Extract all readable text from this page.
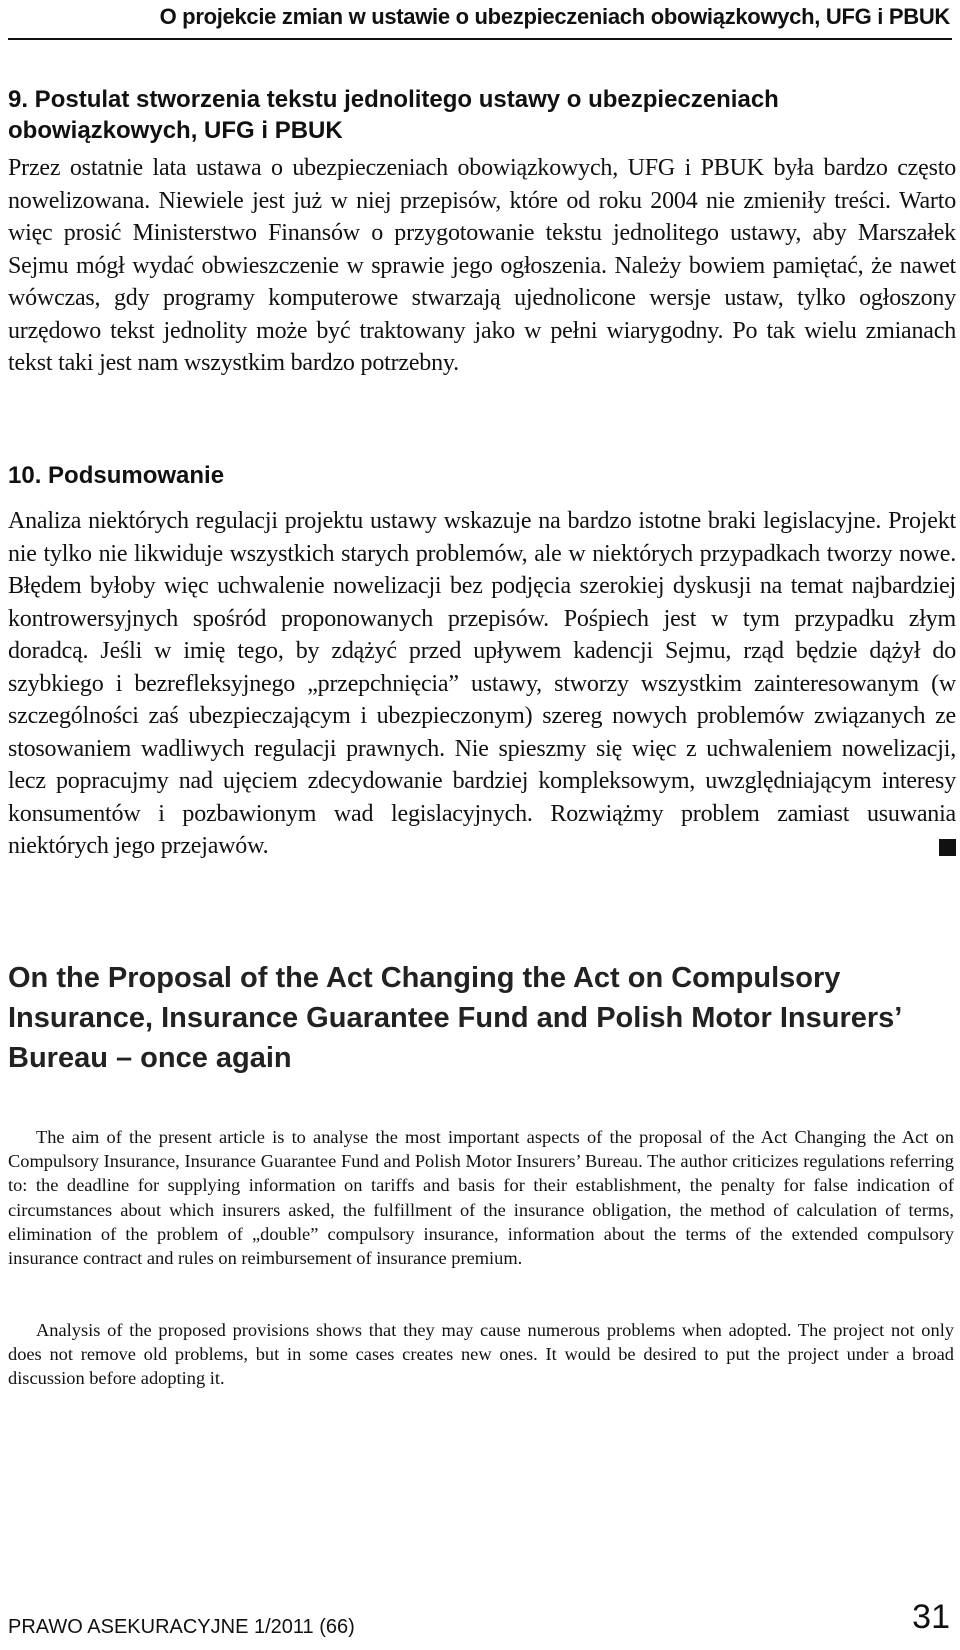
O projekcie zmian w ustawie o ubezpieczeniach obowiązkowych, UFG i PBUK
9. Postulat stworzenia tekstu jednolitego ustawy o ubezpieczeniach obowiązkowych, UFG i PBUK

Przez ostatnie lata ustawa o ubezpieczeniach obowiązkowych, UFG i PBUK była bardzo często nowelizowana. Niewiele jest już w niej przepisów, które od roku 2004 nie zmieniły treści. Warto więc prosić Ministerstwo Finansów o przygotowanie tekstu jednolitego ustawy, aby Marszałek Sejmu mógł wydać obwieszczenie w sprawie jego ogłoszenia. Należy bowiem pamiętać, że nawet wówczas, gdy programy komputerowe stwarzają ujednolicone wersje ustaw, tylko ogłoszony urzędowo tekst jednolity może być traktowany jako w pełni wiarygodny. Po tak wielu zmianach tekst taki jest nam wszystkim bardzo potrzebny.

10. Podsumowanie
Analiza niektórych regulacji projektu ustawy wskazuje na bardzo istotne braki legislacyjne. Projekt nie tylko nie likwiduje wszystkich starych problemów, ale w niektórych przypadkach tworzy nowe. Błędem byłoby więc uchwalenie nowelizacji bez podjęcia szerokiej dyskusji na temat najbardziej kontrowersyjnych spośród proponowanych przepisów. Pośpiech jest w tym przypadku złym doradcą. Jeśli w imię tego, by zdążyć przed upływem kadencji Sejmu, rząd będzie dążył do szybkiego i bezrefleksyjnego „przepchnięcia” ustawy, stworzy wszystkim zainteresowanym (w szczególności zaś ubezpieczającym i ubezpieczonym) szereg nowych problemów związanych ze stosowaniem wadliwych regulacji prawnych. Nie spieszmy się więc z uchwaleniem nowelizacji, lecz popracujmy nad ujęciem zdecydowanie bardziej kompleksowym, uwzględniającym interesy konsumentów i pozbawionym wad legislacyjnych. Rozwiążmy problem zamiast usuwania niektórych jego przejawów.
On the Proposal of the Act Changing the Act on Compulsory Insurance, Insurance Guarantee Fund and Polish Motor Insurers’ Bureau – once again

The aim of the present article is to analyse the most important aspects of the proposal of the Act Changing the Act on Compulsory Insurance, Insurance Guarantee Fund and Polish Motor Insurers’ Bureau. The author criticizes regulations referring to: the deadline for supplying information on tariffs and basis for their establishment, the penalty for false indication of circumstances about which insurers asked, the fulfillment of the insurance obligation, the method of calculation of terms, elimination of the problem of „double” compulsory insurance, information about the terms of the extended compulsory insurance contract and rules on reimbursement of insurance premium.

Analysis of the proposed provisions shows that they may cause numerous problems when adopted. The project not only does not remove old problems, but in some cases creates new ones. It would be desired to put the project under a broad discussion before adopting it.

PRAWO ASEKURACYJNE 1/2011 (66)	31
